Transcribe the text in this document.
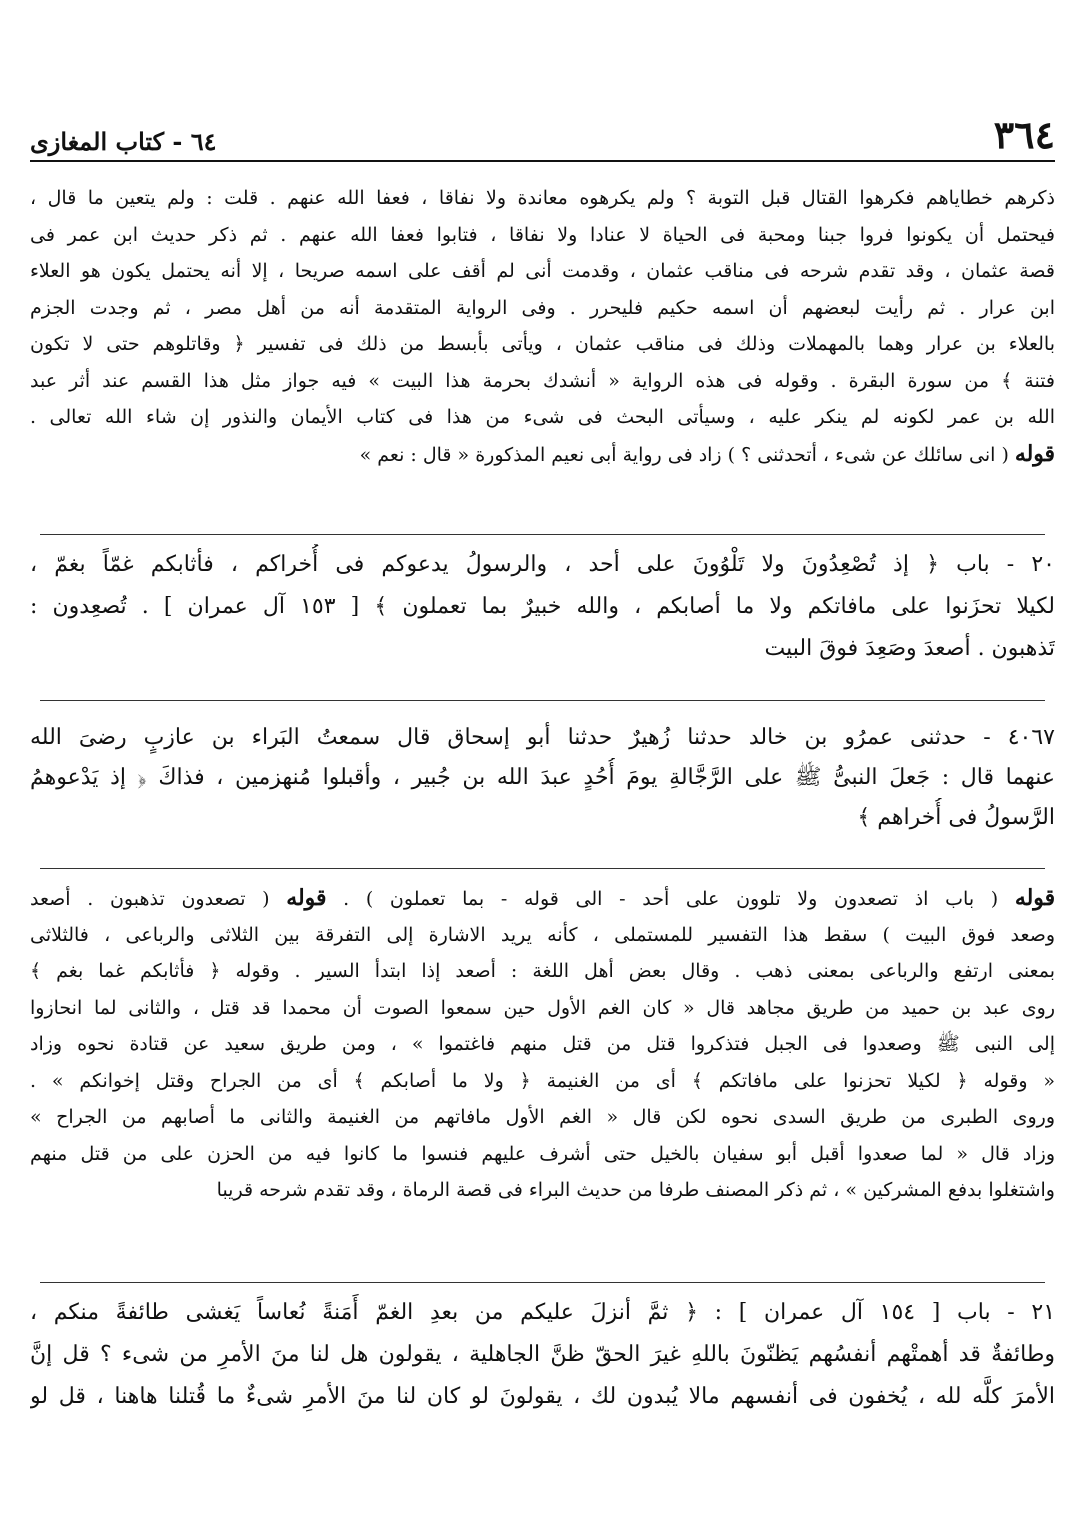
٣٦٤
٦٤ - كتاب المغازى
ذكرهم خطاياهم فكرهوا القتال قبل التوبة ؟ ولم يكرهوه معاندة ولا نفاقا ، فعفا الله عنهم . قلت : ولم يتعين ما قال ،
فيحتمل أن يكونوا فروا جبنا ومحبة فى الحياة لا عنادا ولا نفاقا ، فتابوا فعفا الله عنهم . ثم ذكر حديث ابن عمر فى
قصة عثمان ، وقد تقدم شرحه فى مناقب عثمان ، وقدمت أنى لم أقف على اسمه صريحا ، إلا أنه يحتمل يكون هو العلاء
ابن عرار . ثم رأيت لبعضهم أن اسمه حكيم فليحرر . وفى الرواية المتقدمة أنه من أهل مصر ، ثم وجدت الجزم
بالعلاء بن عرار وهما بالمهملات وذلك فى مناقب عثمان ، ويأتى بأبسط من ذلك فى تفسير ﴿ وقاتلوهم حتى لا تكون
فتنة ﴾ من سورة البقرة . وقوله فى هذه الرواية « أنشدك بحرمة هذا البيت » فيه جواز مثل هذا القسم عند أثر عبد
الله بن عمر لكونه لم ينكر عليه ، وسيأتى البحث فى شىء من هذا فى كتاب الأيمان والنذور إن شاء الله تعالى .
قوله ( انى سائلك عن شىء ، أتحدثنى ؟ ) زاد فى رواية أبى نعيم المذكورة « قال : نعم »
٢٠ - باب ﴿ إذ تُصْعِدُونَ ولا تَلْوُونَ على أحد ، والرسولُ يدعوكم فى أُخراكم ، فأثابكم غمّاً بغمّ ،
لكيلا تحزَنوا على مافاتكم ولا ما أصابكم ، والله خبيرٌ بما تعملون ﴾ [ ١٥٣ آل عمران ] . تُصعِدون :
تَذهبون . أصعدَ وصَعِدَ فوقَ البيت
٤٠٦٧ - حدثنى عمرُو بن خالد حدثنا زُهيرٌ حدثنا أبو إسحاق قال سمعتُ البَراء بن عازبٍ رضىَ الله
عنهما قال : جَعلَ النبىُّ ﷺ على الرَّجَّالةِ يومَ أُحُدٍ عبدَ الله بن جُبير ، وأقبلوا مُنهزمين ، فذاكَ ﴿ إذ يَدْعوهمُ
الرَّسولُ فى أُخراهم ﴾
قوله ( باب اذ تصعدون ولا تلوون على أحد - الى قوله - بما تعملون ) . قوله ( تصعدون تذهبون . أصعد
وصعد فوق البيت ) سقط هذا التفسير للمستملى ، كأنه يريد الاشارة إلى التفرقة بين الثلاثى والرباعى ، فالثلاثى
بمعنى ارتفع والرباعى بمعنى ذهب . وقال بعض أهل اللغة : أصعد إذا ابتدأ السير . وقوله ﴿ فأثابكم غما بغم ﴾
روى عبد بن حميد من طريق مجاهد قال « كان الغم الأول حين سمعوا الصوت أن محمدا قد قتل ، والثانى لما انحازوا
إلى النبى ﷺ وصعدوا فى الجبل فتذكروا قتل من قتل منهم فاغتموا » ، ومن طريق سعيد عن قتادة نحوه وزاد
« وقوله ﴿ لكيلا تحزنوا على مافاتكم ﴾ أى من الغنيمة ﴿ ولا ما أصابكم ﴾ أى من الجراح وقتل إخوانكم » .
وروى الطبرى من طريق السدى نحوه لكن قال « الغم الأول مافاتهم من الغنيمة والثانى ما أصابهم من الجراح »
وزاد قال « لما صعدوا أقبل أبو سفيان بالخيل حتى أشرف عليهم فنسوا ما كانوا فيه من الحزن على من قتل منهم
واشتغلوا بدفع المشركين » ، ثم ذكر المصنف طرفا من حديث البراء فى قصة الرماة ، وقد تقدم شرحه قريبا
٢١ - باب [ ١٥٤ آل عمران ] : ﴿ ثمَّ أنزلَ عليكم من بعدِ الغمّ أَمَنةً نُعاساً يَغشى طائفةً منكم ،
وطائفةٌ قد أهمتْهم أنفسُهم يَظنّونَ باللهِ غيرَ الحقّ ظنَّ الجاهلية ، يقولون هل لنا منَ الأمرِ من شىء ؟ قل إنَّ
الأمرَ كلَّه لله ، يُخفون فى أنفسهم مالا يُبدون لك ، يقولونَ لو كان لنا منَ الأمرِ شىءٌ ما قُتلنا هاهنا ، قل لو
